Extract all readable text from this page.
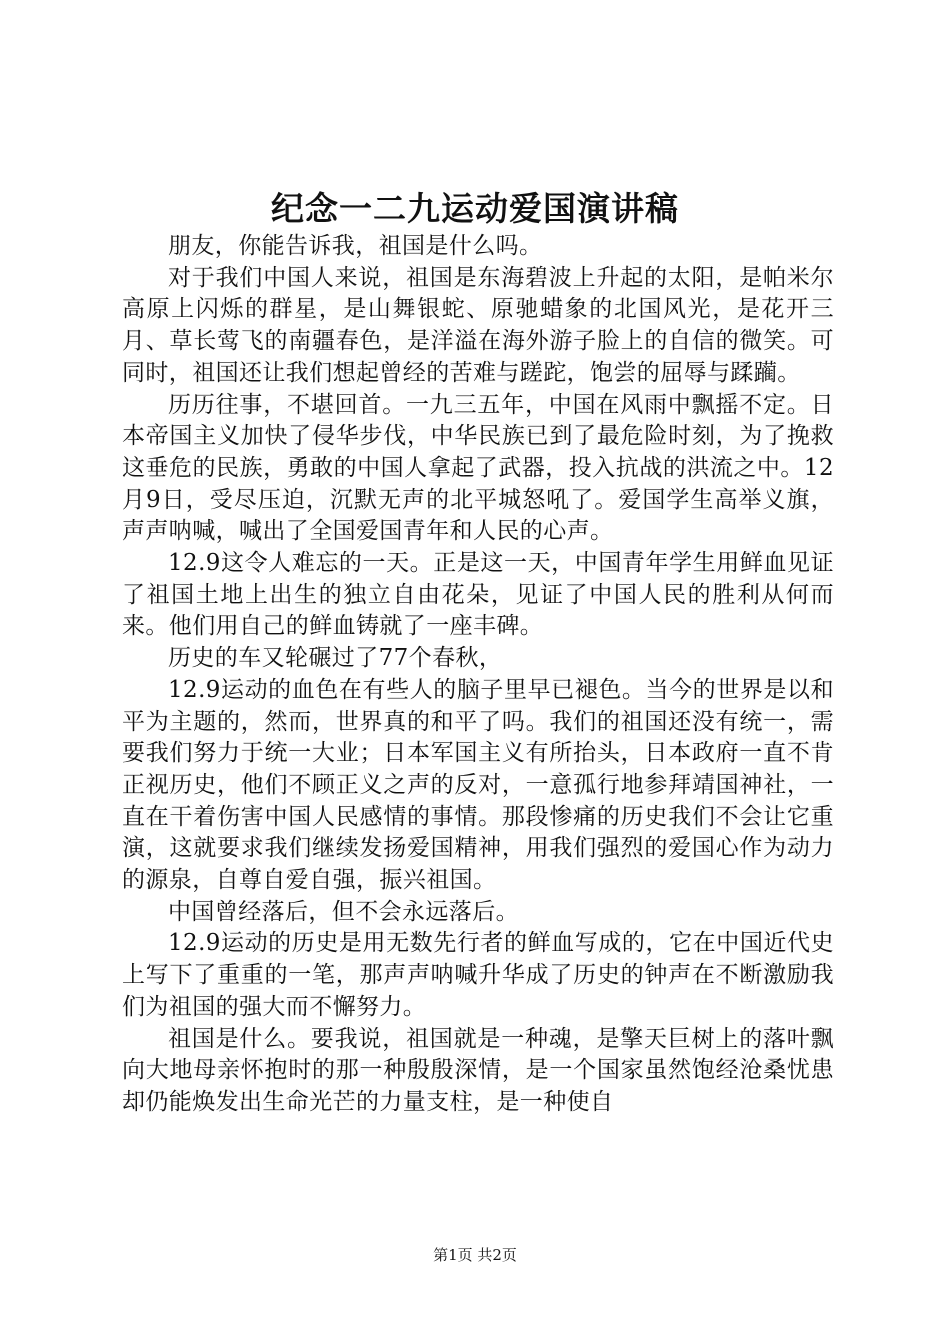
纪念一二九运动爱国演讲稿

朋友，你能告诉我，祖国是什么吗。

对于我们中国人来说，祖国是东海碧波上升起的太阳，是帕米尔高原上闪烁的群星，是山舞银蛇、原驰蜡象的北国风光，是花开三月、草长莺飞的南疆春色，是洋溢在海外游子脸上的自信的微笑。可同时，祖国还让我们想起曾经的苦难与蹉跎，饱尝的屈辱与蹂躏。

历历往事，不堪回首。一九三五年，中国在风雨中飘摇不定。日本帝国主义加快了侵华步伐，中华民族已到了最危险时刻，为了挽救这垂危的民族，勇敢的中国人拿起了武器，投入抗战的洪流之中。12月9日，受尽压迫，沉默无声的北平城怒吼了。爱国学生高举义旗，声声呐喊，喊出了全国爱国青年和人民的心声。

12.9这令人难忘的一天。正是这一天，中国青年学生用鲜血见证了祖国土地上出生的独立自由花朵，见证了中国人民的胜利从何而来。他们用自己的鲜血铸就了一座丰碑。

历史的车又轮碾过了77个春秋，

12.9运动的血色在有些人的脑子里早已褪色。当今的世界是以和平为主题的，然而，世界真的和平了吗。我们的祖国还没有统一，需要我们努力于统一大业；日本军国主义有所抬头，日本政府一直不肯正视历史，他们不顾正义之声的反对，一意孤行地参拜靖国神社，一直在干着伤害中国人民感情的事情。那段惨痛的历史我们不会让它重演，这就要求我们继续发扬爱国精神，用我们强烈的爱国心作为动力的源泉，自尊自爱自强，振兴祖国。

中国曾经落后，但不会永远落后。

12.9运动的历史是用无数先行者的鲜血写成的，它在中国近代史上写下了重重的一笔，那声声呐喊升华成了历史的钟声在不断激励我们为祖国的强大而不懈努力。

祖国是什么。要我说，祖国就是一种魂，是擎天巨树上的落叶飘向大地母亲怀抱时的那一种殷殷深情，是一个国家虽然饱经沧桑忧患却仍能焕发出生命光芒的力量支柱，是一种使自

第1页 共2页
